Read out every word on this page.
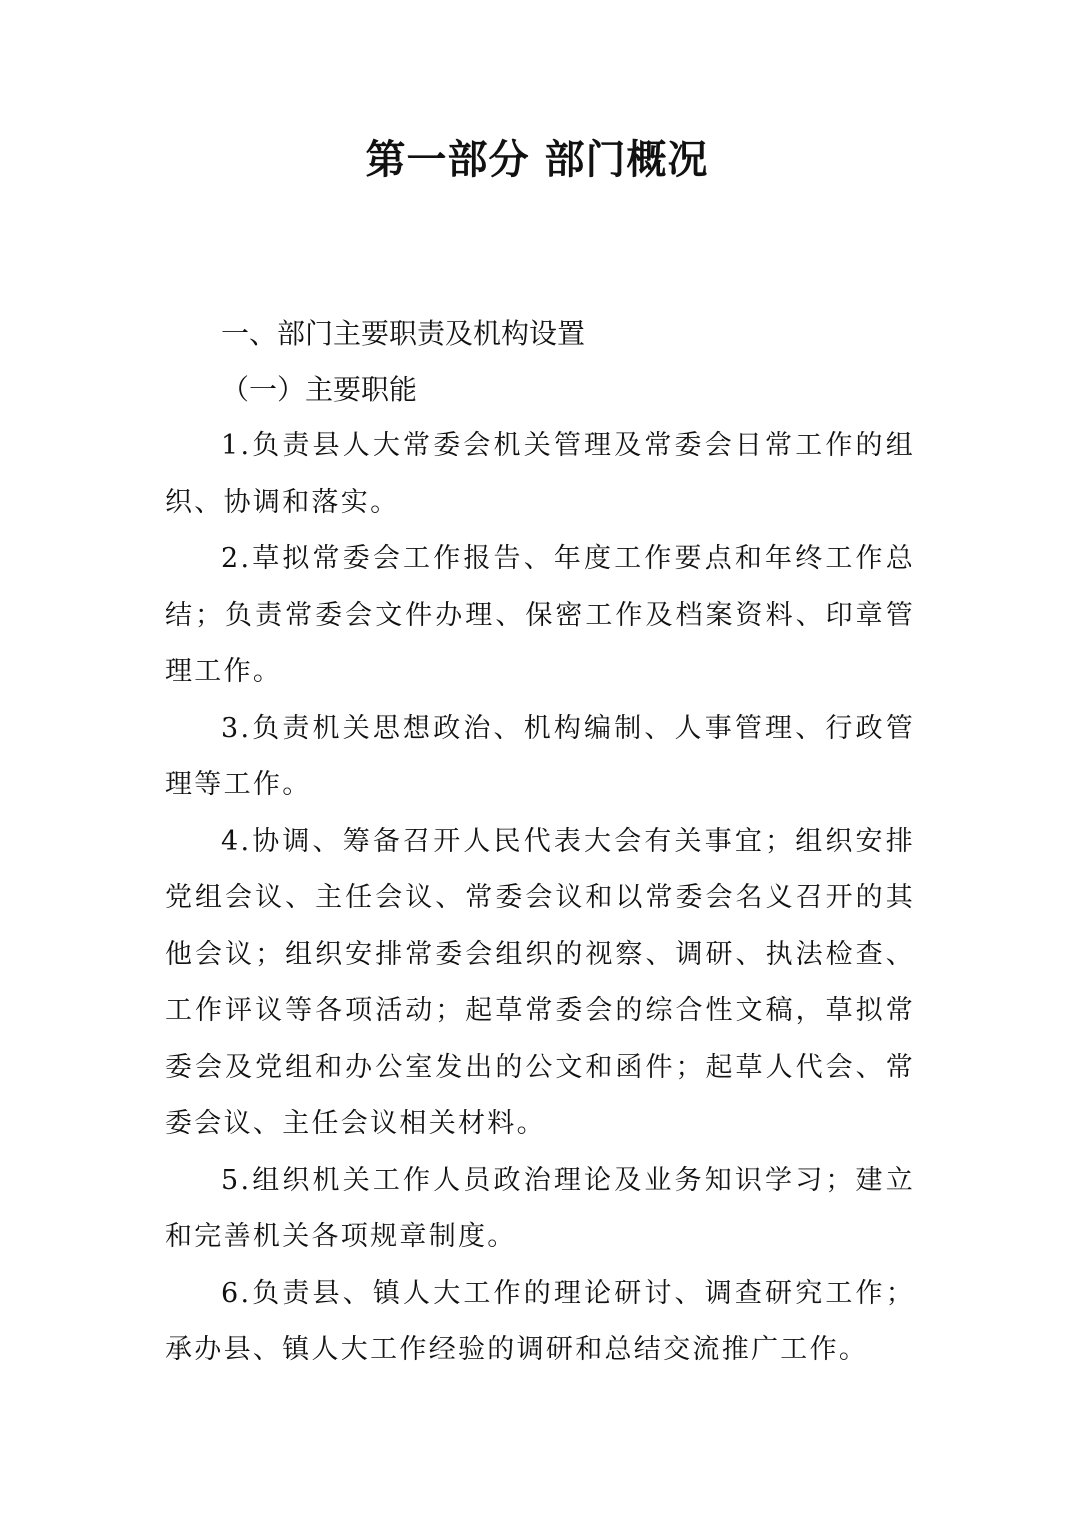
第一部分 部门概况
一、部门主要职责及机构设置
（一）主要职能

1.负责县人大常委会机关管理及常委会日常工作的组织、协调和落实。

2.草拟常委会工作报告、年度工作要点和年终工作总结；负责常委会文件办理、保密工作及档案资料、印章管理工作。

3.负责机关思想政治、机构编制、人事管理、行政管理等工作。

4.协调、筹备召开人民代表大会有关事宜；组织安排党组会议、主任会议、常委会议和以常委会名义召开的其他会议；组织安排常委会组织的视察、调研、执法检查、工作评议等各项活动；起草常委会的综合性文稿，草拟常委会及党组和办公室发出的公文和函件；起草人代会、常委会议、主任会议相关材料。

5.组织机关工作人员政治理论及业务知识学习；建立和完善机关各项规章制度。

6.负责县、镇人大工作的理论研讨、调查研究工作；承办县、镇人大工作经验的调研和总结交流推广工作。
